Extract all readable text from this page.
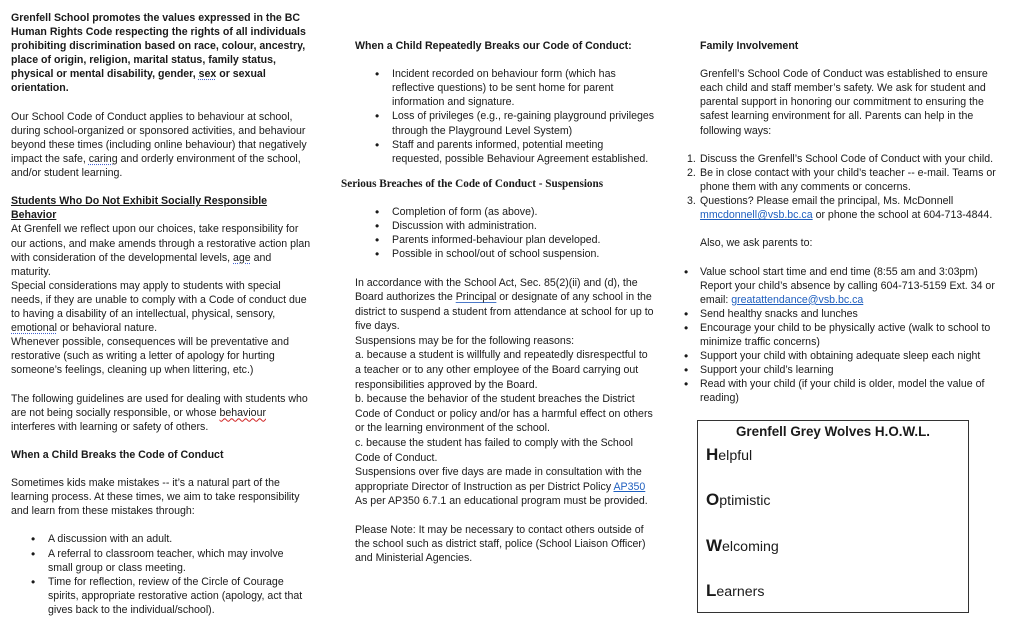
Grenfell School promotes the values expressed in the BC Human Rights Code respecting the rights of all individuals prohibiting discrimination based on race, colour, ancestry, place of origin, religion, marital status, family status, physical or mental disability, gender, sex or sexual orientation.

Our School Code of Conduct applies to behaviour at school, during school-organized or sponsored activities, and behaviour beyond these times (including online behaviour) that negatively impact the safe, caring and orderly environment of the school, and/or student learning.

Students Who Do Not Exhibit Socially Responsible Behavior

At Grenfell we reflect upon our choices, take responsibility for our actions, and make amends through a restorative action plan with consideration of the developmental levels, age and maturity.

Special considerations may apply to students with special needs, if they are unable to comply with a Code of conduct due to having a disability of an intellectual, physical, sensory, emotional or behavioral nature.

Whenever possible, consequences will be preventative and restorative (such as writing a letter of apology for hurting someone’s feelings, cleaning up when littering, etc.)

The following guidelines are used for dealing with students who are not being socially responsible, or whose behaviour interferes with learning or safety of others.

When a Child Breaks the Code of Conduct

Sometimes kids make mistakes -- it’s a natural part of the learning process. At these times, we aim to take responsibility and learn from these mistakes through:

• A discussion with an adult.
• A referral to classroom teacher, which may involve small group or class meeting.
• Time for reflection, review of the Circle of Courage spirits, appropriate restorative action (apology, act that gives back to the individual/school).

When a Child Repeatedly Breaks our Code of Conduct:

• Incident recorded on behaviour form (which has reflective questions) to be sent home for parent information and signature.
• Loss of privileges (e.g., re-gaining playground privileges through the Playground Level System)
• Staff and parents informed, potential meeting requested, possible Behaviour Agreement established.

Serious Breaches of the Code of Conduct - Suspensions

• Completion of form (as above).
• Discussion with administration.
• Parents informed-behaviour plan developed.
• Possible in school/out of school suspension.

In accordance with the School Act, Sec. 85(2)(ii) and (d), the Board authorizes the Principal or designate of any school in the district to suspend a student from attendance at school for up to five days.

Suspensions may be for the following reasons:

a. because a student is willfully and repeatedly disrespectful to a teacher or to any other employee of the Board carrying out responsibilities approved by the Board.

b. because the behavior of the student breaches the District Code of Conduct or policy and/or has a harmful effect on others or the learning environment of the school.

c. because the student has failed to comply with the School Code of Conduct.

Suspensions over five days are made in consultation with the appropriate Director of Instruction as per District Policy AP350 As per AP350 6.7.1 an educational program must be provided.

Please Note: It may be necessary to contact others outside of the school such as district staff, police (School Liaison Officer) and Ministerial Agencies.

Family Involvement

Grenfell’s School Code of Conduct was established to ensure each child and staff member’s safety. We ask for student and parental support in honoring our commitment to ensuring the safest learning environment for all. Parents can help in the following ways:

1. Discuss the Grenfell’s School Code of Conduct with your child.
2. Be in close contact with your child’s teacher -- e-mail. Teams or phone them with any comments or concerns.
3. Questions? Please email the principal, Ms. McDonnell mmcdonnell@vsb.bc.ca or phone the school at 604-713-4844.

Also, we ask parents to:

• Value school start time and end time (8:55 am and 3:03pm) Report your child’s absence by calling 604-713-5159 Ext. 34 or email: greatattendance@vsb.bc.ca
• Send healthy snacks and lunches
• Encourage your child to be physically active (walk to school to minimize traffic concerns)
• Support your child with obtaining adequate sleep each night
• Support your child’s learning
• Read with your child (if your child is older, model the value of reading)
Grenfell Grey Wolves H.O.W.L.
Helpful
Optimistic
Welcoming
Learners
